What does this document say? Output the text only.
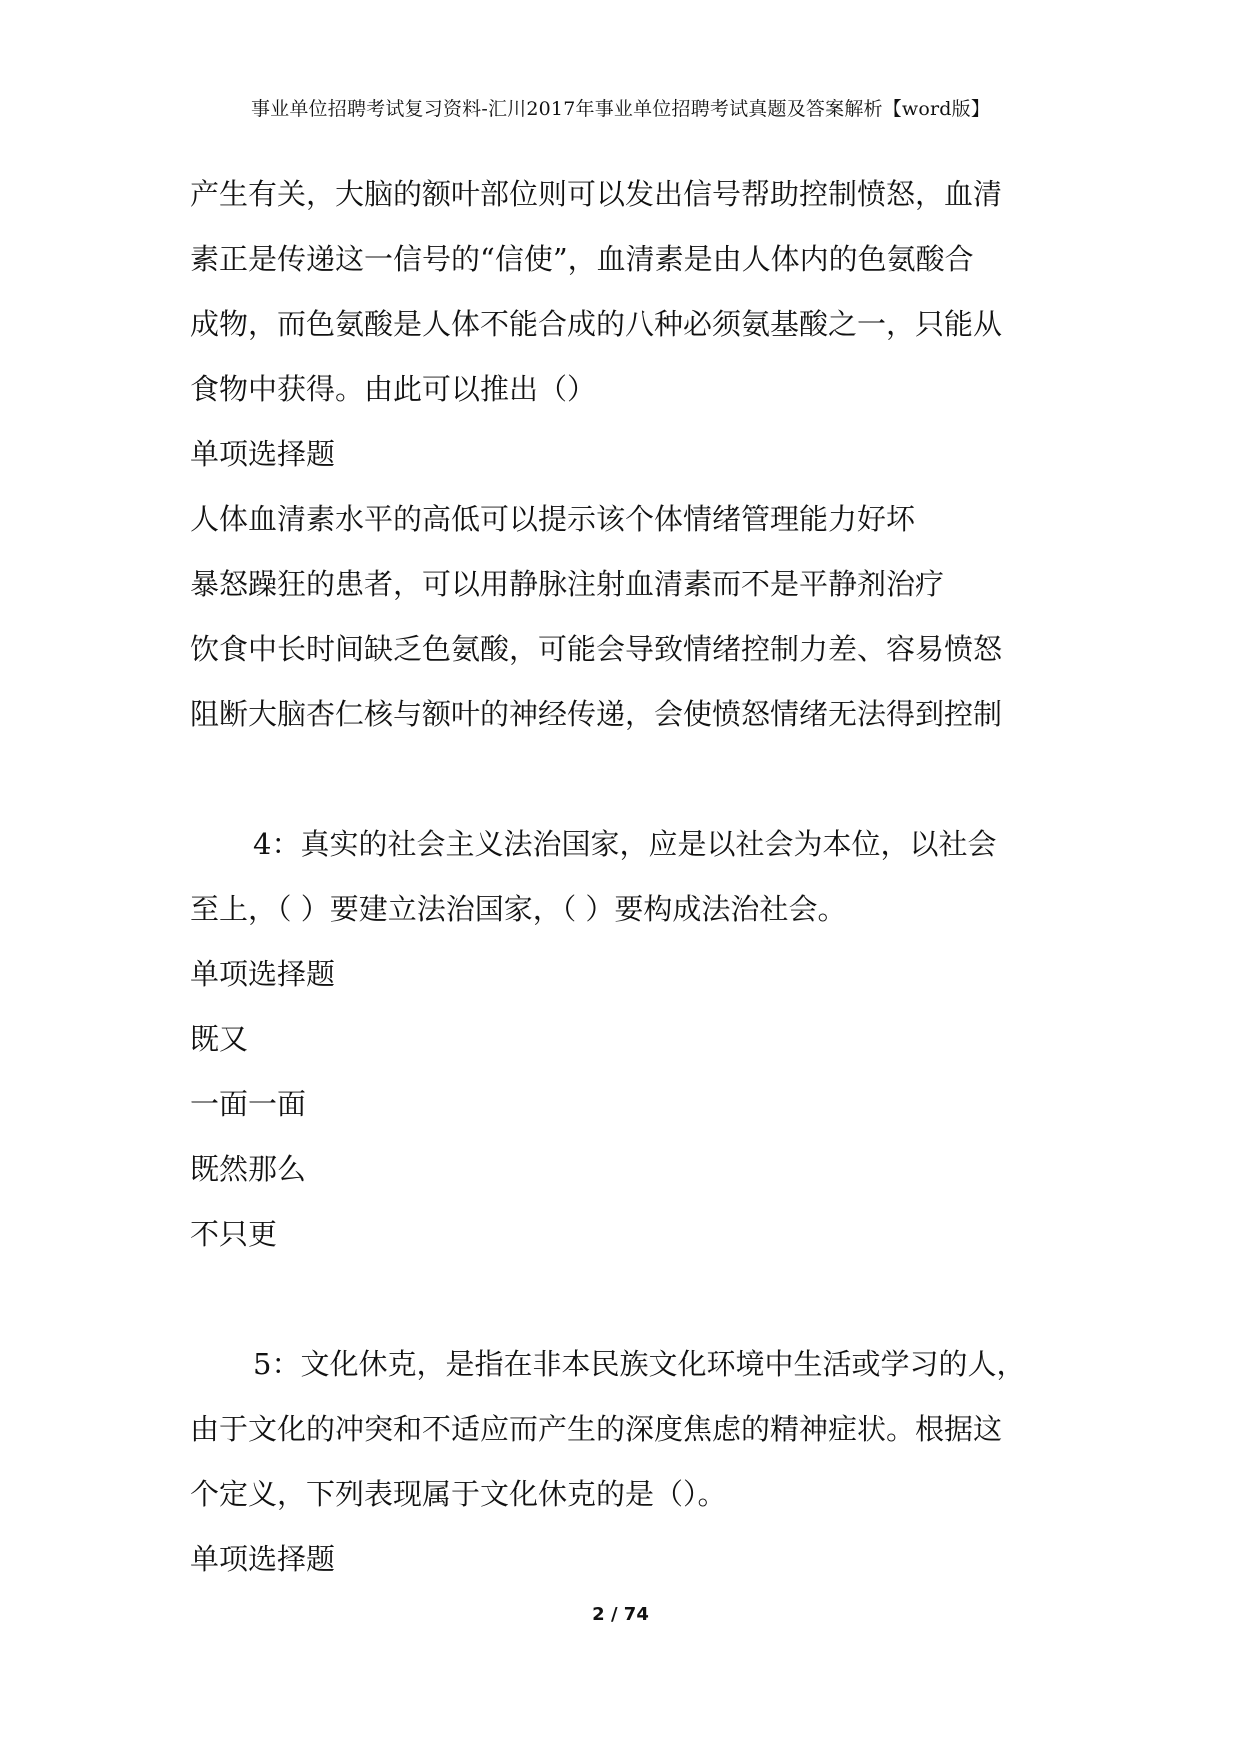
事业单位招聘考试复习资料-汇川2017年事业单位招聘考试真题及答案解析【word版】
产生有关，大脑的额叶部位则可以发出信号帮助控制愤怒，血清
素正是传递这一信号的“信使”，血清素是由人体内的色氨酸合
成物，而色氨酸是人体不能合成的八种必须氨基酸之一，只能从
食物中获得。由此可以推出（）
单项选择题
人体血清素水平的高低可以提示该个体情绪管理能力好坏
暴怒躁狂的患者，可以用静脉注射血清素而不是平静剂治疗
饮食中长时间缺乏色氨酸，可能会导致情绪控制力差、容易愤怒
阻断大脑杏仁核与额叶的神经传递，会使愤怒情绪无法得到控制
4：真实的社会主义法治国家，应是以社会为本位，以社会
至上，（ ）要建立法治国家，（ ）要构成法治社会。
单项选择题
既又
一面一面
既然那么
不只更
5：文化休克，是指在非本民族文化环境中生活或学习的人，
由于文化的冲突和不适应而产生的深度焦虑的精神症状。根据这
个定义，下列表现属于文化休克的是（）。
单项选择题
2 / 74
